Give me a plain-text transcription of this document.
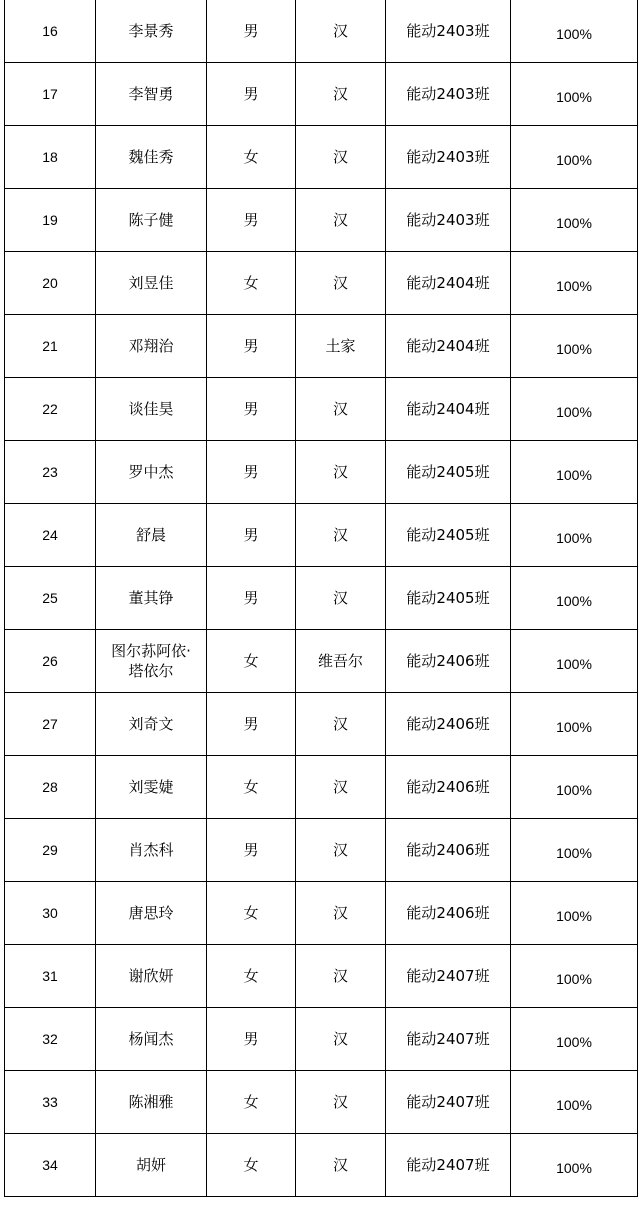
16	李景秀	男	汉	能动2403班	100%
17	李智勇	男	汉	能动2403班	100%
18	魏佳秀	女	汉	能动2403班	100%
19	陈子健	男	汉	能动2403班	100%
20	刘昱佳	女	汉	能动2404班	100%
21	邓翔治	男	土家	能动2404班	100%
22	谈佳昊	男	汉	能动2404班	100%
23	罗中杰	男	汉	能动2405班	100%
24	舒晨	男	汉	能动2405班	100%
25	董其铮	男	汉	能动2405班	100%
26	图尔荪阿依·塔依尔	女	维吾尔	能动2406班	100%
27	刘奇文	男	汉	能动2406班	100%
28	刘雯婕	女	汉	能动2406班	100%
29	肖杰科	男	汉	能动2406班	100%
30	唐思玲	女	汉	能动2406班	100%
31	谢欣妍	女	汉	能动2407班	100%
32	杨闻杰	男	汉	能动2407班	100%
33	陈湘雅	女	汉	能动2407班	100%
34	胡妍	女	汉	能动2407班	100%
